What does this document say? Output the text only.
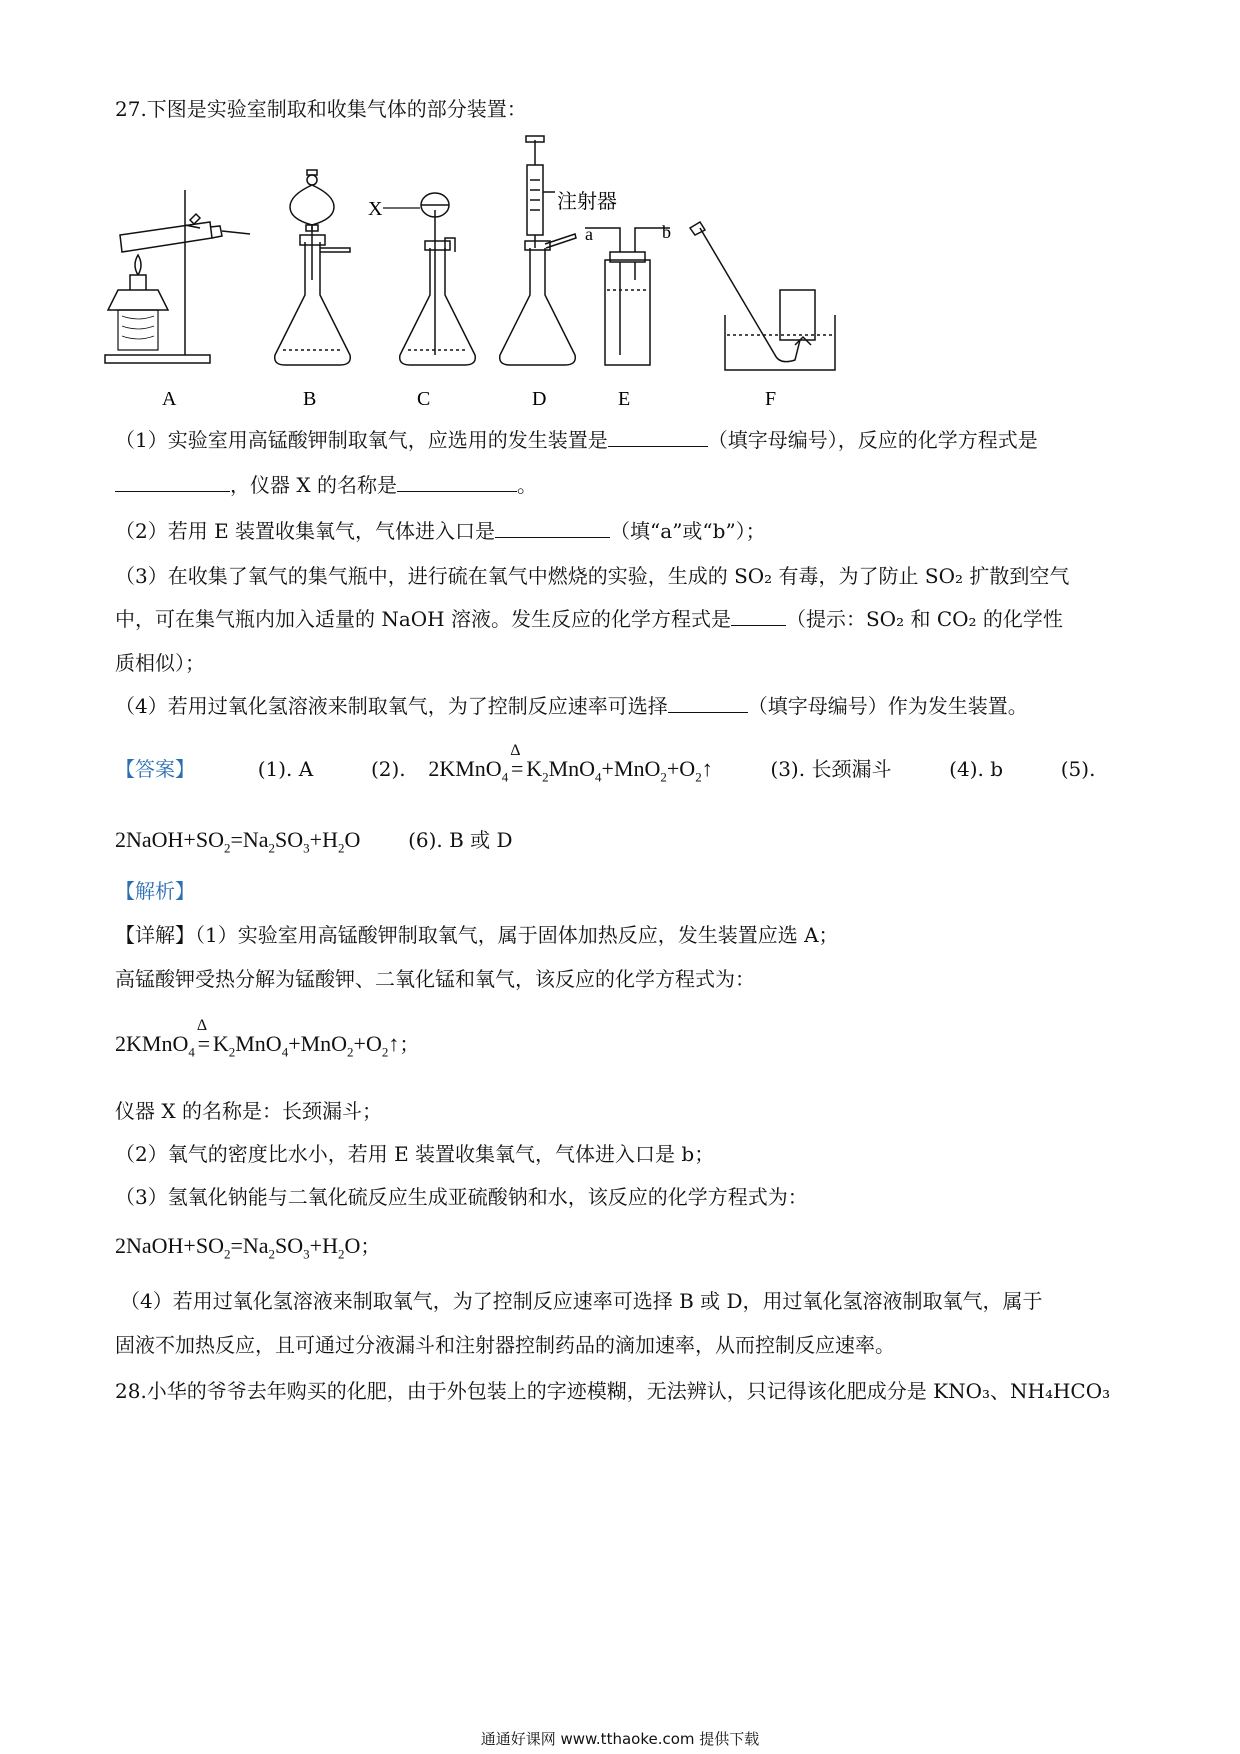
27.下图是实验室制取和收集气体的部分装置：
X	注射器
a	b
A	B	C	D	E	F
（1）实验室用高锰酸钾制取氧气，应选用的发生装置是	（填字母编号），反应的化学方程式是
，仪器 X 的名称是	。
（2）若用 E 装置收集氧气，气体进入口是	（填“a”或“b”）；
（3）在收集了氧气的集气瓶中，进行硫在氧气中燃烧的实验，生成的 SO₂ 有毒，为了防止 SO₂ 扩散到空气
中，可在集气瓶内加入适量的 NaOH 溶液。发生反应的化学方程式是	（提示：SO₂ 和 CO₂ 的化学性
质相似）；
（4）若用过氧化氢溶液来制取氧气，为了控制反应速率可选择	（填字母编号）作为发生装置。
【答案】	(1). A	(2). 2KMnO$_4$ =
Δ
$K_2MnO_4+MnO_2+O_2↑$	(3). 长颈漏斗	(4). b	(5).
$2NaOH+SO_2=Na_2SO_3+H_2O$ (6). B 或 D
【解析】
【详解】（1）实验室用高锰酸钾制取氧气，属于固体加热反应，发生装置应选 A；
高锰酸钾受热分解为锰酸钾、二氧化锰和氧气，该反应的化学方程式为：
2KMnO$_4$ =
Δ
$K_2MnO_4+MnO_2+O_2↑$；
仪器 X 的名称是：长颈漏斗；
（2）氧气的密度比水小，若用 E 装置收集氧气，气体进入口是 b；
（3）氢氧化钠能与二氧化硫反应生成亚硫酸钠和水，该反应的化学方程式为：
$2NaOH+SO_2=Na_2SO_3+H_2O$；
（4）若用过氧化氢溶液来制取氧气，为了控制反应速率可选择 B 或 D，用过氧化氢溶液制取氧气，属于
固液不加热反应，且可通过分液漏斗和注射器控制药品的滴加速率，从而控制反应速率。
28.小华的爷爷去年购买的化肥，由于外包装上的字迹模糊，无法辨认，只记得该化肥成分是 KNO₃、NH₄HCO₃
通通好课网 www.tthaoke.com 提供下载
